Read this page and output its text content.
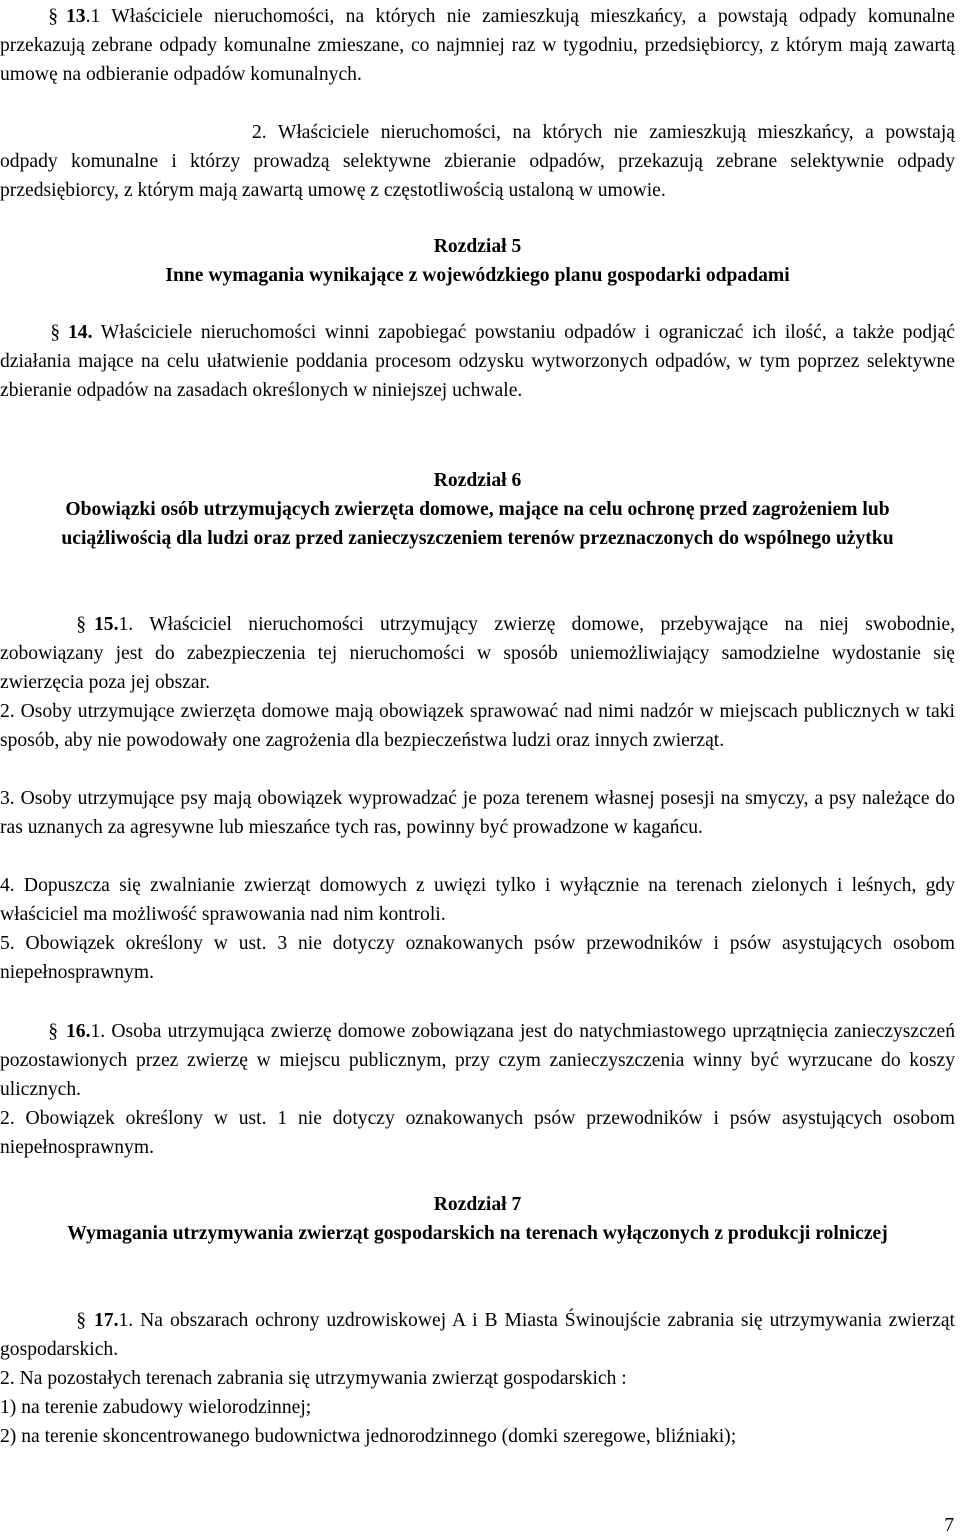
§ 13.1 Właściciele nieruchomości, na których nie zamieszkują mieszkańcy, a powstają odpady komunalne przekazują zebrane odpady komunalne zmieszane, co najmniej raz w tygodniu, przedsiębiorcy, z którym mają zawartą umowę na odbieranie odpadów komunalnych.

2. Właściciele nieruchomości, na których nie zamieszkują mieszkańcy, a powstają odpady komunalne i którzy prowadzą selektywne zbieranie odpadów, przekazują zebrane selektywnie odpady przedsiębiorcy, z którym mają zawartą umowę z częstotliwością ustaloną w umowie.

Rozdział 5

Inne wymagania wynikające z wojewódzkiego planu gospodarki odpadami

§ 14. Właściciele nieruchomości winni zapobiegać powstaniu odpadów i ograniczać ich ilość, a także podjąć działania mające na celu ułatwienie poddania procesom odzysku wytworzonych odpadów, w tym poprzez selektywne zbieranie odpadów na zasadach określonych w niniejszej uchwale.

Rozdział 6

Obowiązki osób utrzymujących zwierzęta domowe, mające na celu ochronę przed zagrożeniem lub uciążliwością dla ludzi oraz przed zanieczyszczeniem terenów przeznaczonych do wspólnego użytku

§ 15.1. Właściciel nieruchomości utrzymujący zwierzę domowe, przebywające na niej swobodnie, zobowiązany jest do zabezpieczenia tej nieruchomości w sposób uniemożliwiający samodzielne wydostanie się zwierzęcia poza jej obszar.

2. Osoby utrzymujące zwierzęta domowe mają obowiązek sprawować nad nimi nadzór w miejscach publicznych w taki sposób, aby nie powodowały one zagrożenia dla bezpieczeństwa ludzi oraz innych zwierząt.

3. Osoby utrzymujące psy mają obowiązek wyprowadzać je poza terenem własnej posesji na smyczy, a psy należące do ras uznanych za agresywne lub mieszańce tych ras, powinny być prowadzone w kagańcu.

4. Dopuszcza się zwalnianie zwierząt domowych z uwięzi tylko i wyłącznie na terenach zielonych i leśnych, gdy właściciel ma możliwość sprawowania nad nim kontroli.

5. Obowiązek określony w ust. 3 nie dotyczy oznakowanych psów przewodników i psów asystujących osobom niepełnosprawnym.

§ 16.1. Osoba utrzymująca zwierzę domowe zobowiązana jest do natychmiastowego uprzątnięcia zanieczyszczeń pozostawionych przez zwierzę w miejscu publicznym, przy czym zanieczyszczenia winny być wyrzucane do koszy ulicznych.

2. Obowiązek określony w ust. 1 nie dotyczy oznakowanych psów przewodników i psów asystujących osobom niepełnosprawnym.

Rozdział 7

Wymagania utrzymywania zwierząt gospodarskich na terenach wyłączonych z produkcji rolniczej

§ 17.1. Na obszarach ochrony uzdrowiskowej A i B Miasta Świnoujście zabrania się utrzymywania zwierząt gospodarskich.

2. Na pozostałych terenach zabrania się utrzymywania zwierząt gospodarskich :

1) na terenie zabudowy wielorodzinnej;

2) na terenie skoncentrowanego budownictwa jednorodzinnego (domki szeregowe, bliźniaki);

7
